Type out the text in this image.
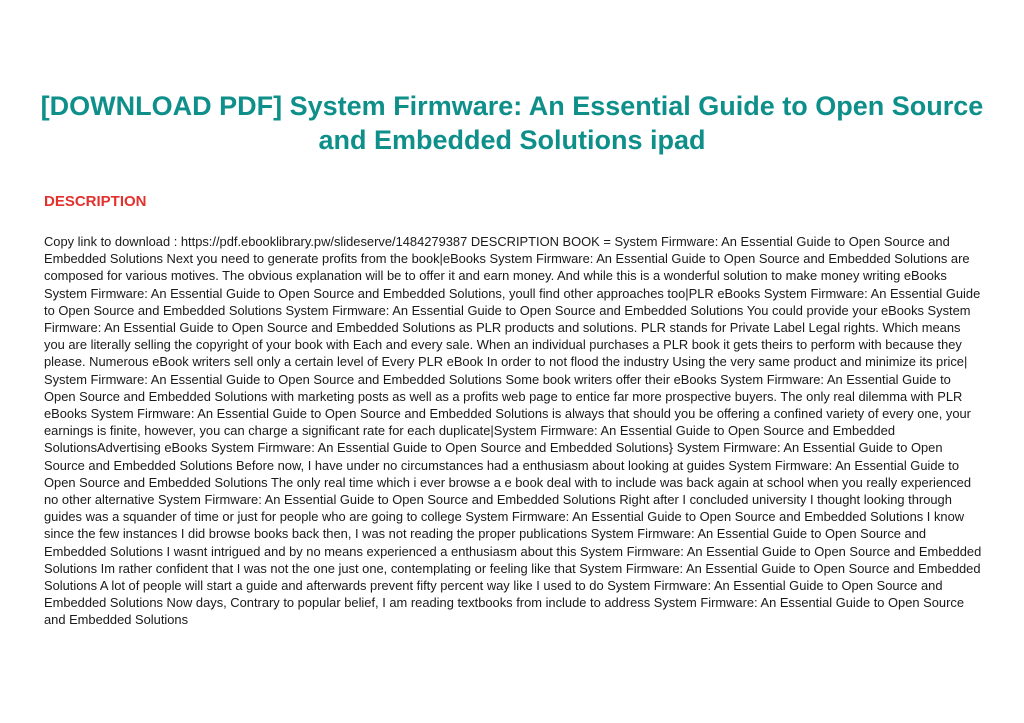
[DOWNLOAD PDF] System Firmware: An Essential Guide to Open Source and Embedded Solutions ipad
DESCRIPTION

Copy link to download : https://pdf.ebooklibrary.pw/slideserve/1484279387 DESCRIPTION BOOK = System Firmware: An Essential Guide to Open Source and Embedded Solutions Next you need to generate profits from the book|eBooks System Firmware: An Essential Guide to Open Source and Embedded Solutions are composed for various motives. The obvious explanation will be to offer it and earn money. And while this is a wonderful solution to make money writing eBooks System Firmware: An Essential Guide to Open Source and Embedded Solutions, youll find other approaches too|PLR eBooks System Firmware: An Essential Guide to Open Source and Embedded Solutions System Firmware: An Essential Guide to Open Source and Embedded Solutions You could provide your eBooks System Firmware: An Essential Guide to Open Source and Embedded Solutions as PLR products and solutions. PLR stands for Private Label Legal rights. Which means you are literally selling the copyright of your book with Each and every sale. When an individual purchases a PLR book it gets theirs to perform with because they please. Numerous eBook writers sell only a certain level of Every PLR eBook In order to not flood the industry Using the very same product and minimize its price| System Firmware: An Essential Guide to Open Source and Embedded Solutions Some book writers offer their eBooks System Firmware: An Essential Guide to Open Source and Embedded Solutions with marketing posts as well as a profits web page to entice far more prospective buyers. The only real dilemma with PLR eBooks System Firmware: An Essential Guide to Open Source and Embedded Solutions is always that should you be offering a confined variety of every one, your earnings is finite, however, you can charge a significant rate for each duplicate|System Firmware: An Essential Guide to Open Source and Embedded SolutionsAdvertising eBooks System Firmware: An Essential Guide to Open Source and Embedded Solutions} System Firmware: An Essential Guide to Open Source and Embedded Solutions Before now, I have under no circumstances had a enthusiasm about looking at guides System Firmware: An Essential Guide to Open Source and Embedded Solutions The only real time which i ever browse a e book deal with to include was back again at school when you really experienced no other alternative System Firmware: An Essential Guide to Open Source and Embedded Solutions Right after I concluded university I thought looking through guides was a squander of time or just for people who are going to college System Firmware: An Essential Guide to Open Source and Embedded Solutions I know since the few instances I did browse books back then, I was not reading the proper publications System Firmware: An Essential Guide to Open Source and Embedded Solutions I wasnt intrigued and by no means experienced a enthusiasm about this System Firmware: An Essential Guide to Open Source and Embedded Solutions Im rather confident that I was not the one just one, contemplating or feeling like that System Firmware: An Essential Guide to Open Source and Embedded Solutions A lot of people will start a guide and afterwards prevent fifty percent way like I used to do System Firmware: An Essential Guide to Open Source and Embedded Solutions Now days, Contrary to popular belief, I am reading textbooks from include to address System Firmware: An Essential Guide to Open Source and Embedded Solutions
